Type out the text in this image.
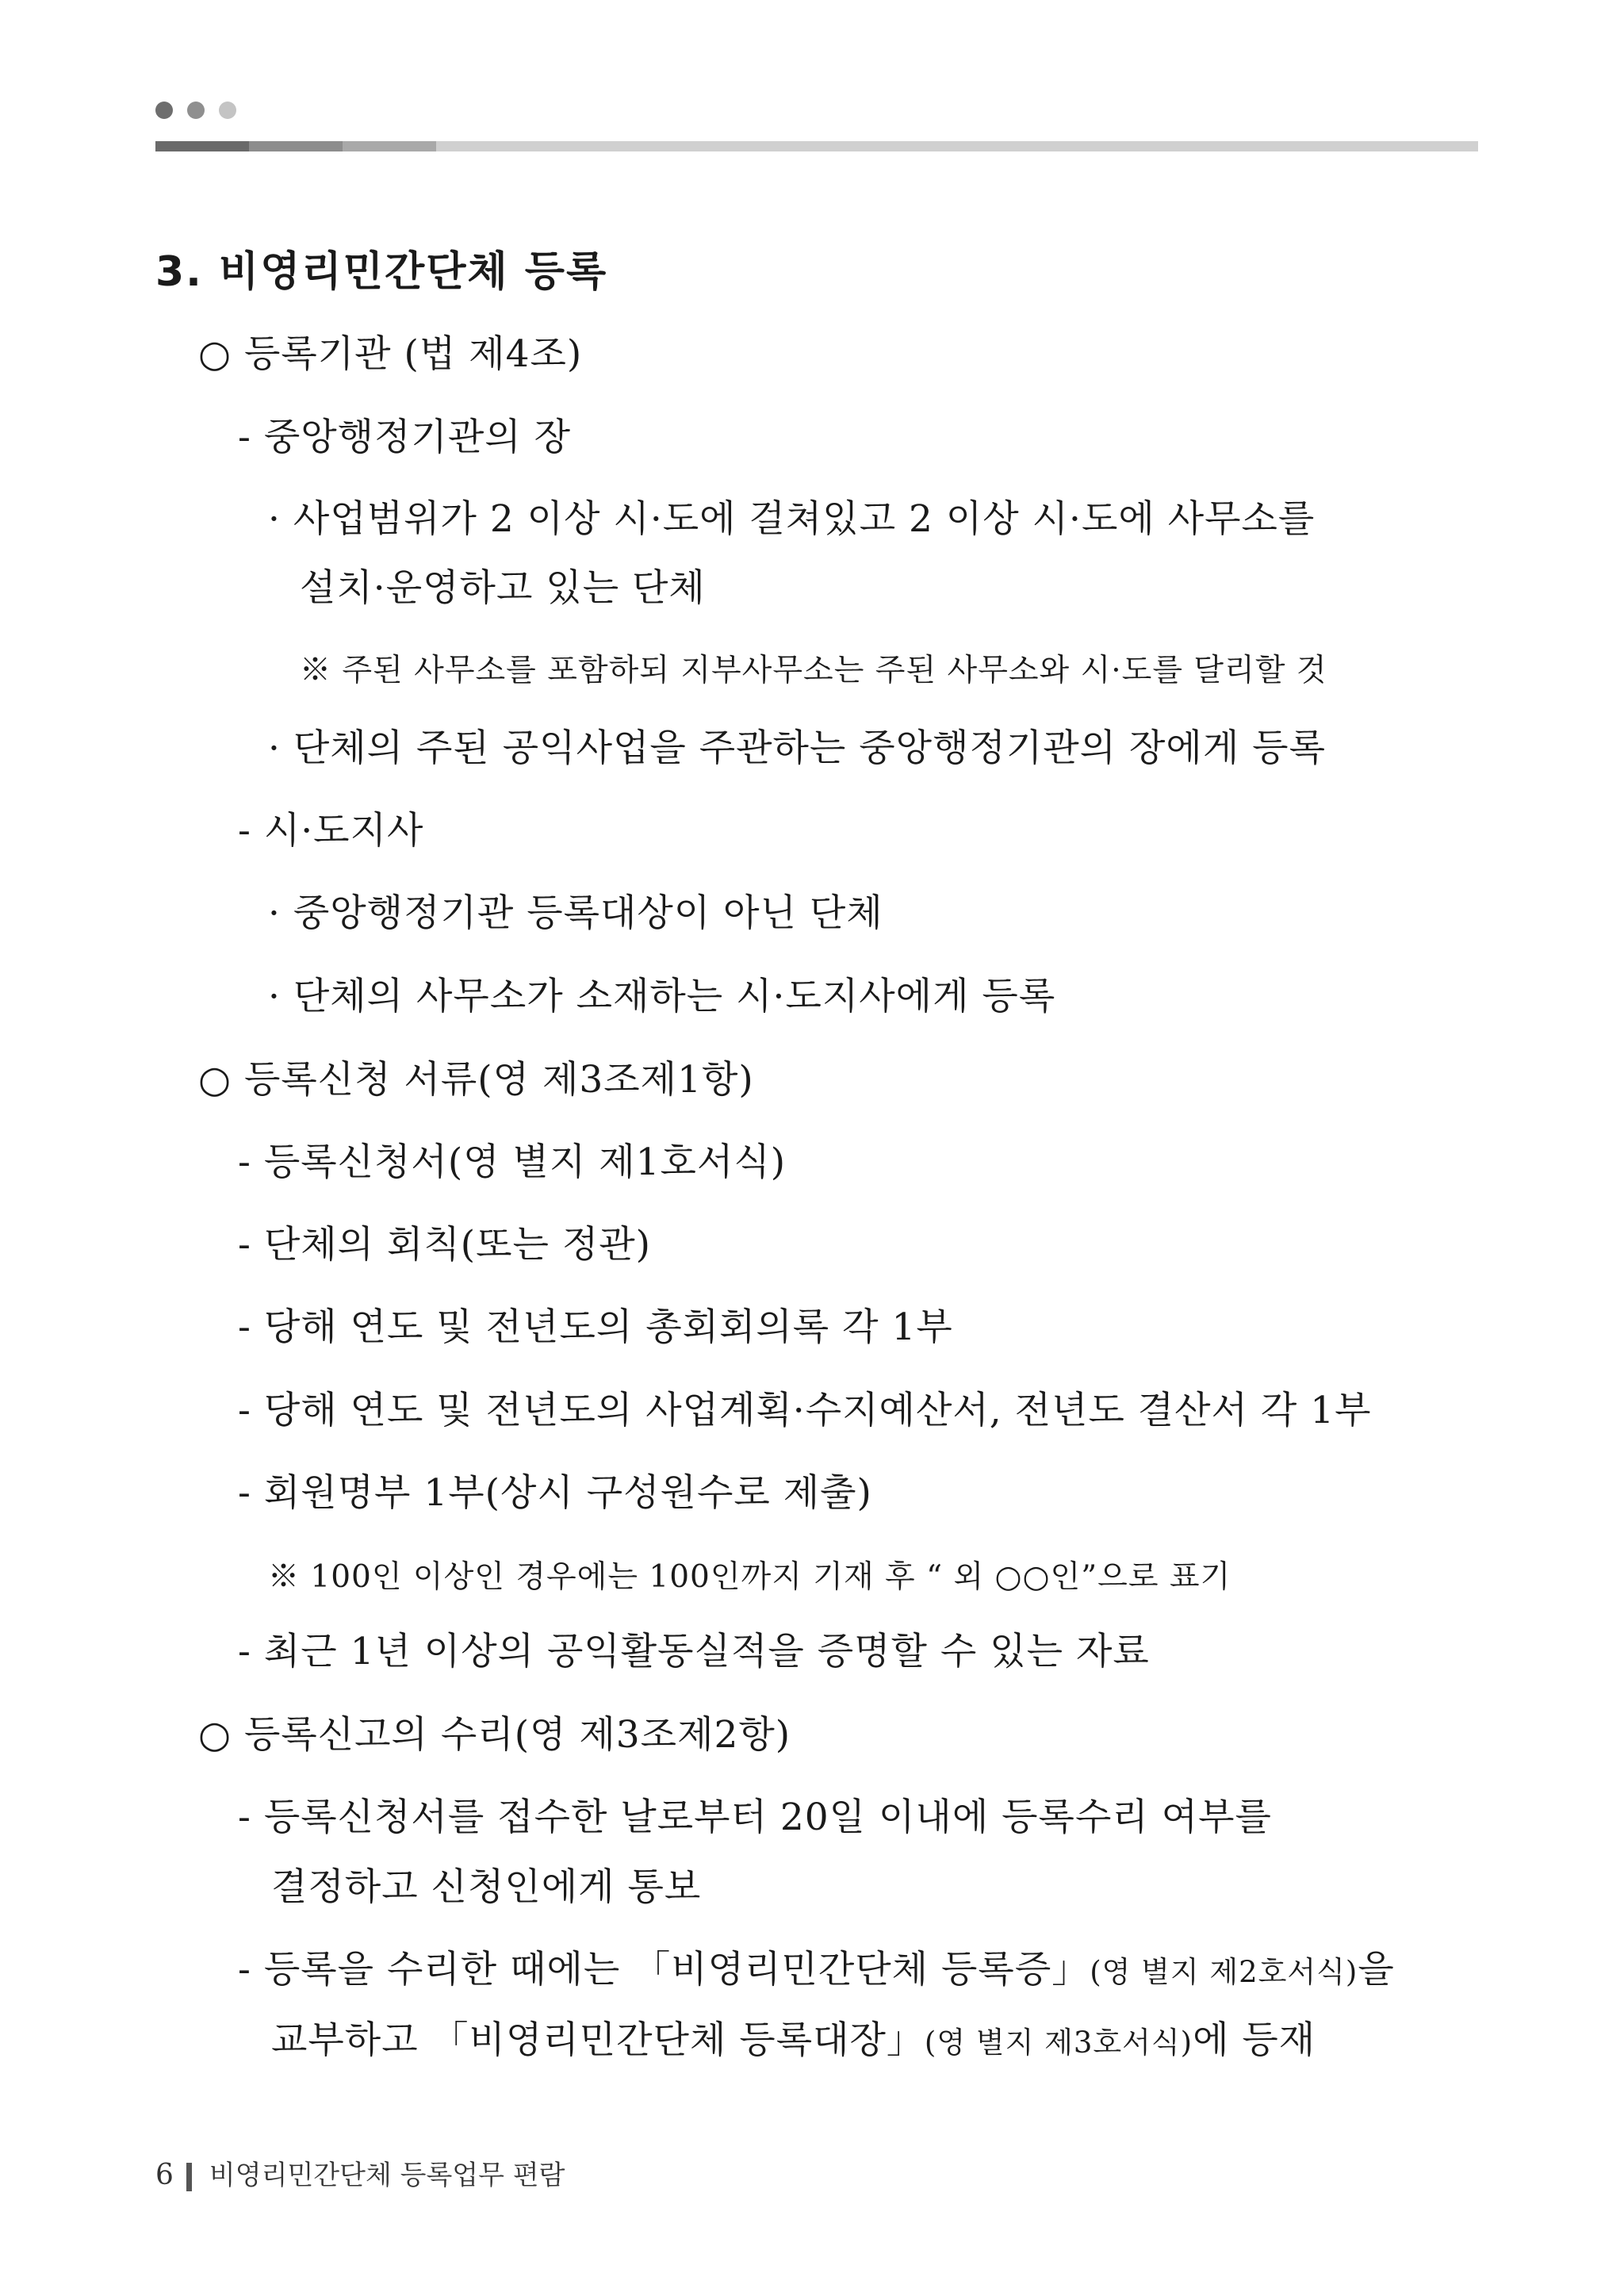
3. 비영리민간단체 등록
○ 등록기관 (법 제4조)
- 중앙행정기관의 장
· 사업범위가 2 이상 시·도에 걸쳐있고 2 이상 시·도에 사무소를
설치·운영하고 있는 단체
※ 주된 사무소를 포함하되 지부사무소는 주된 사무소와 시·도를 달리할 것
· 단체의 주된 공익사업을 주관하는 중앙행정기관의 장에게 등록
- 시·도지사
· 중앙행정기관 등록대상이 아닌 단체
· 단체의 사무소가 소재하는 시·도지사에게 등록
○ 등록신청 서류(영 제3조제1항)
- 등록신청서(영 별지 제1호서식)
- 단체의 회칙(또는 정관)
- 당해 연도 및 전년도의 총회회의록 각 1부
- 당해 연도 및 전년도의 사업계획·수지예산서, 전년도 결산서 각 1부
- 회원명부 1부(상시 구성원수로 제출)
※ 100인 이상인 경우에는 100인까지 기재 후 “ 외 ○○인”으로 표기
- 최근 1년 이상의 공익활동실적을 증명할 수 있는 자료
○ 등록신고의 수리(영 제3조제2항)
- 등록신청서를 접수한 날로부터 20일 이내에 등록수리 여부를
결정하고 신청인에게 통보
- 등록을 수리한 때에는 「비영리민간단체 등록증」(영 별지 제2호서식)을
교부하고 「비영리민간단체 등록대장」(영 별지 제3호서식)에 등재
6 비영리민간단체 등록업무 편람
